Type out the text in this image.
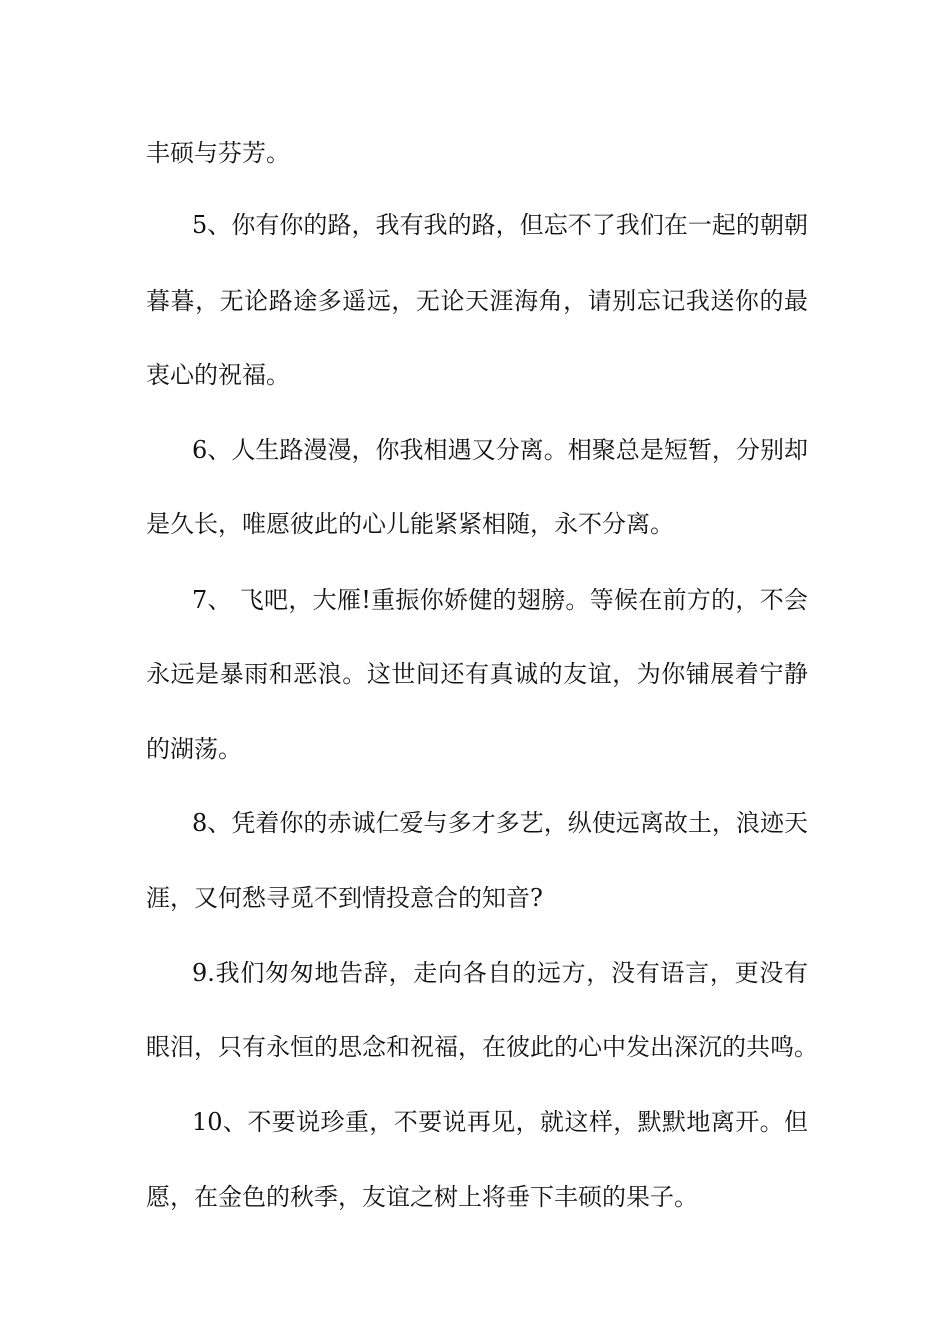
丰硕与芬芳。
5、你有你的路，我有我的路，但忘不了我们在一起的朝朝
暮暮，无论路途多遥远，无论天涯海角，请别忘记我送你的最
衷心的祝福。
6、人生路漫漫，你我相遇又分离。相聚总是短暂，分别却
是久长，唯愿彼此的心儿能紧紧相随，永不分离。
7、 飞吧，大雁!重振你娇健的翅膀。等候在前方的，不会
永远是暴雨和恶浪。这世间还有真诚的友谊，为你铺展着宁静
的湖荡。
8、凭着你的赤诚仁爱与多才多艺，纵使远离故土，浪迹天
涯，又何愁寻觅不到情投意合的知音?
9.我们匆匆地告辞，走向各自的远方，没有语言，更没有
眼泪，只有永恒的思念和祝福，在彼此的心中发出深沉的共鸣。
10、不要说珍重，不要说再见，就这样，默默地离开。但
愿，在金色的秋季，友谊之树上将垂下丰硕的果子。
